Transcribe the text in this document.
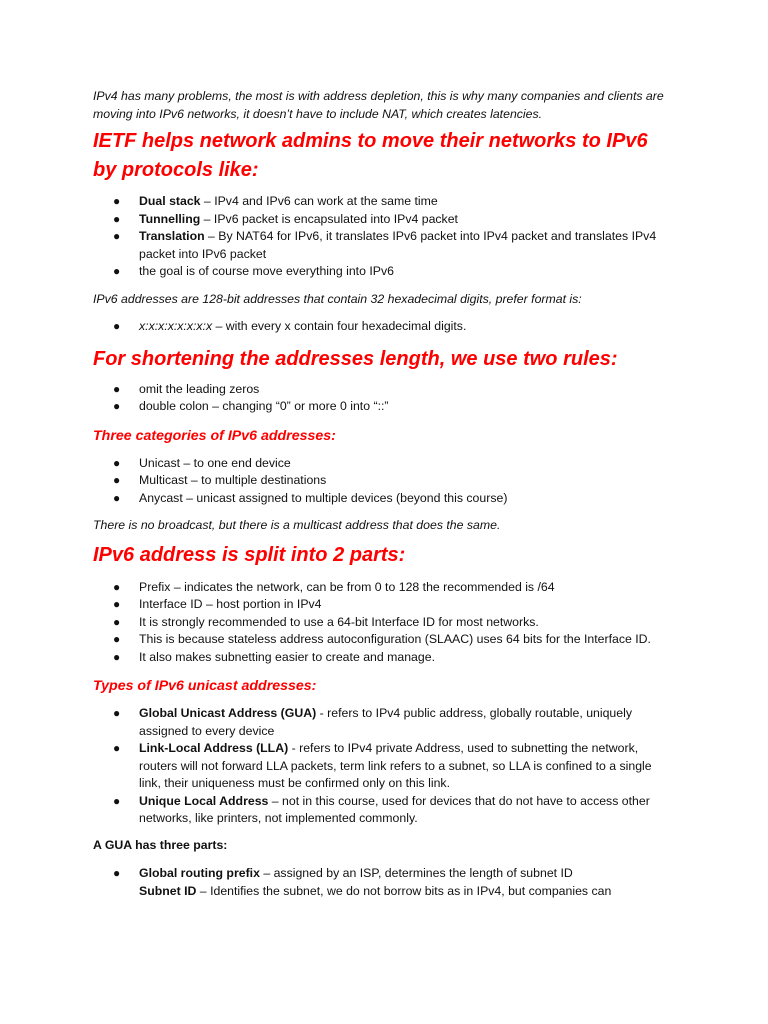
IPv4 has many problems, the most is with address depletion, this is why many companies and clients are moving into IPv6 networks, it doesn’t have to include NAT, which creates latencies.

IETF helps network admins to move their networks to IPv6 by protocols like:
● Dual stack – IPv4 and IPv6 can work at the same time
● Tunnelling – IPv6 packet is encapsulated into IPv4 packet
● Translation – By NAT64 for IPv6, it translates IPv6 packet into IPv4 packet and translates IPv4 packet into IPv6 packet
● the goal is of course move everything into IPv6

IPv6 addresses are 128-bit addresses that contain 32 hexadecimal digits, prefer format is:

● x:x:x:x:x:x:x:x – with every x contain four hexadecimal digits.
For shortening the addresses length, we use two rules:
● omit the leading zeros
● double colon – changing “0” or more 0 into “::”
Three categories of IPv6 addresses:
● Unicast – to one end device
● Multicast – to multiple destinations
● Anycast – unicast assigned to multiple devices (beyond this course)

There is no broadcast, but there is a multicast address that does the same.

IPv6 address is split into 2 parts:
● Prefix – indicates the network, can be from 0 to 128 the recommended is /64
● Interface ID – host portion in IPv4
● It is strongly recommended to use a 64-bit Interface ID for most networks.
● This is because stateless address autoconfiguration (SLAAC) uses 64 bits for the Interface ID.
● It also makes subnetting easier to create and manage.
Types of IPv6 unicast addresses:
● Global Unicast Address (GUA) - refers to IPv4 public address, globally routable, uniquely assigned to every device
● Link-Local Address (LLA) - refers to IPv4 private Address, used to subnetting the network, routers will not forward LLA packets, term link refers to a subnet, so LLA is confined to a single link, their uniqueness must be confirmed only on this link.
● Unique Local Address – not in this course, used for devices that do not have to access other networks, like printers, not implemented commonly.

A GUA has three parts:

● Global routing prefix – assigned by an ISP, determines the length of subnet ID
Subnet ID – Identifies the subnet, we do not borrow bits as in IPv4, but companies can
